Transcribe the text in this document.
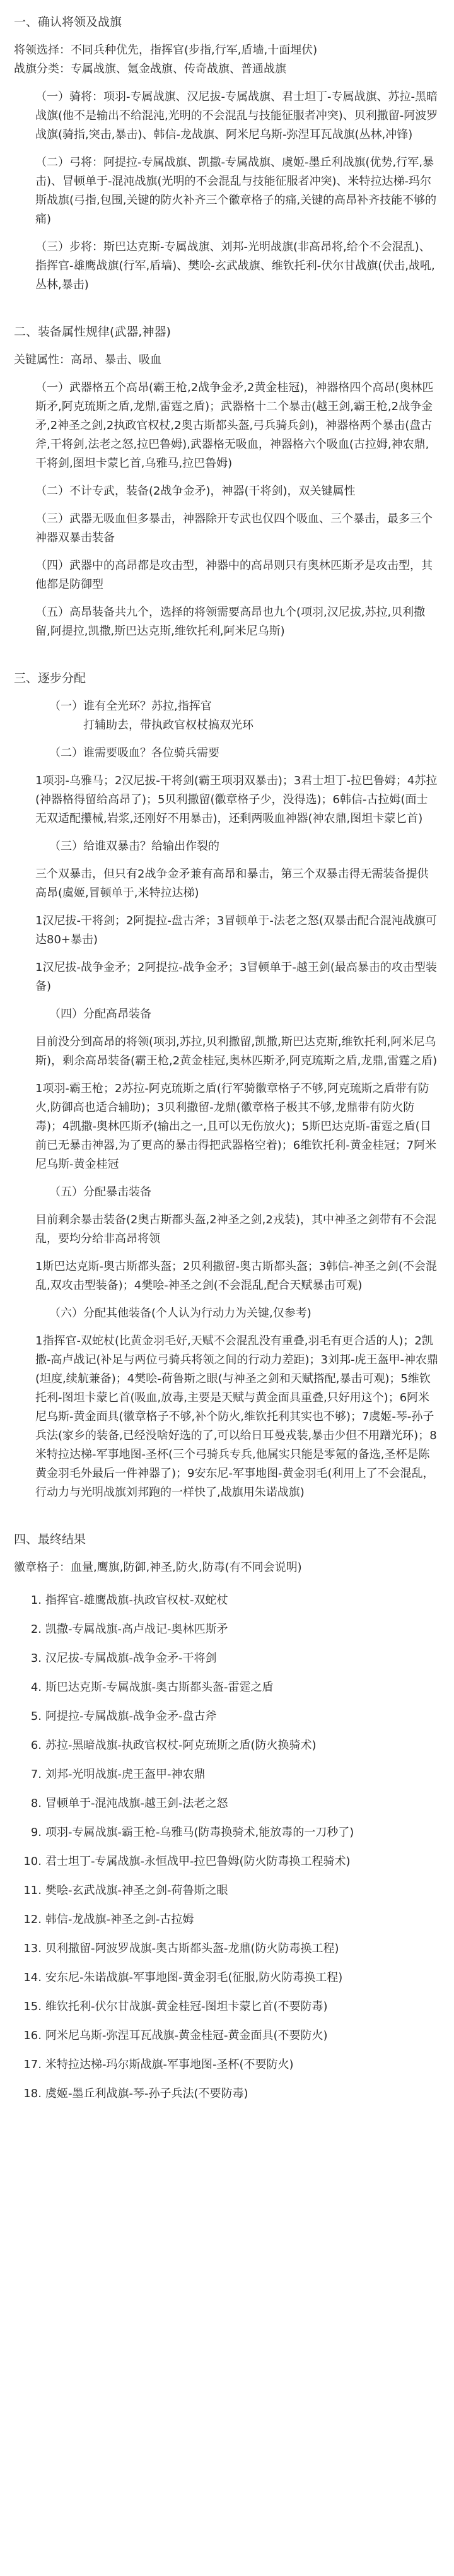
一、确认将领及战旗
将领选择：不同兵种优先，指挥官(步指,行军,盾墙,十面埋伏)
战旗分类：专属战旗、氪金战旗、传奇战旗、普通战旗
（一）骑将：项羽-专属战旗、汉尼拔-专属战旗、君士坦丁-专属战旗、苏拉-黑暗战旗(他不是输出不给混沌,光明的不会混乱与技能征服者冲突)、贝利撒留-阿波罗战旗(骑指,突击,暴击)、韩信-龙战旗、阿米尼乌斯-弥涅耳瓦战旗(丛林,冲锋)
（二）弓将：阿提拉-专属战旗、凯撒-专属战旗、虞姬-墨丘利战旗(优势,行军,暴击)、冒顿单于-混沌战旗(光明的不会混乱与技能征服者冲突)、米特拉达梯-玛尔斯战旗(弓指,包围,关键的防火补齐三个徽章格子的痛,关键的高昂补齐技能不够的痛)
（三）步将：斯巴达克斯-专属战旗、刘邦-光明战旗(非高昂将,给个不会混乱)、指挥官-雄鹰战旗(行军,盾墙)、樊哙-玄武战旗、维钦托利-伏尔甘战旗(伏击,战吼,丛林,暴击)
二、装备属性规律(武器,神器)
关键属性：高昂、暴击、吸血
（一）武器格五个高昂(霸王枪,2战争金矛,2黄金桂冠)，神器格四个高昂(奥林匹斯矛,阿克琉斯之盾,龙鼎,雷霆之盾)；武器格十二个暴击(越王剑,霸王枪,2战争金矛,2神圣之剑,2执政官权杖,2奥古斯都头盔,弓兵骑兵剑)，神器格两个暴击(盘古斧,干将剑,法老之怒,拉巴鲁姆),武器格无吸血，神器格六个吸血(古拉姆,神农鼎,干将剑,图坦卡蒙匕首,乌雅马,拉巴鲁姆)
（二）不计专武，装备(2战争金矛)，神器(干将剑)，双关键属性
（三）武器无吸血但多暴击，神器除开专武也仅四个吸血、三个暴击，最多三个神器双暴击装备
（四）武器中的高昂都是攻击型，神器中的高昂则只有奥林匹斯矛是攻击型，其他都是防御型
（五）高昂装备共九个，选择的将领需要高昂也九个(项羽,汉尼拔,苏拉,贝利撒留,阿提拉,凯撒,斯巴达克斯,维钦托利,阿米尼乌斯)
三、逐步分配
（一）谁有全光环？苏拉,指挥官
打辅助去，带执政官权杖搞双光环
（二）谁需要吸血？各位骑兵需要
1项羽-乌雅马；2汉尼拔-干将剑(霸王项羽双暴击)；3君士坦丁-拉巴鲁姆；4苏拉(神器格得留给高昂了)；5贝利撒留(徽章格子少，没得选)；6韩信-古拉姆(面士无双适配攥械,岩浆,还刚好不用暴击)，还剩两吸血神器(神农鼎,图坦卡蒙匕首)
（三）给谁双暴击？给输出作裂的
三个双暴击，但只有2战争金矛兼有高昂和暴击，第三个双暴击得无需装备提供高昂(虞姬,冒顿单于,米特拉达梯)
1汉尼拔-干将剑；2阿提拉-盘古斧；3冒顿单于-法老之怒(双暴击配合混沌战旗可达80+暴击)
1汉尼拔-战争金矛；2阿提拉-战争金矛；3冒顿单于-越王剑(最高暴击的攻击型装备)
（四）分配高昂装备
目前没分到高昂的将领(项羽,苏拉,贝利撒留,凯撒,斯巴达克斯,维钦托利,阿米尼乌斯)，剩余高昂装备(霸王枪,2黄金桂冠,奥林匹斯矛,阿克琉斯之盾,龙鼎,雷霆之盾)
1项羽-霸王枪；2苏拉-阿克琉斯之盾(行军骑徽章格子不够,阿克琉斯之盾带有防火,防御高也适合辅助)；3贝利撒留-龙鼎(徽章格子极其不够,龙鼎带有防火防毒)；4凯撒-奥林匹斯矛(输出之一,且可以无伤放火)；5斯巴达克斯-雷霆之盾(目前已无暴击神器,为了更高的暴击得把武器格空着)；6维钦托利-黄金桂冠；7阿米尼乌斯-黄金桂冠
（五）分配暴击装备
目前剩余暴击装备(2奥古斯都头盔,2神圣之剑,2戎装)，其中神圣之剑带有不会混乱，要均分给非高昂将领
1斯巴达克斯-奥古斯都头盔；2贝利撒留-奥古斯都头盔；3韩信-神圣之剑(不会混乱,双攻击型装备)；4樊哙-神圣之剑(不会混乱,配合天赋暴击可观)
（六）分配其他装备(个人认为行动力为关键,仅参考)
1指挥官-双蛇杖(比黄金羽毛好,天赋不会混乱没有重叠,羽毛有更合适的人)；2凯撒-高卢战记(补足与两位弓骑兵将领之间的行动力差距)；3刘邦-虎王盔甲-神农鼎(坦度,续航兼备)；4樊哙-荷鲁斯之眼(与神圣之剑和天赋搭配,暴击可观)；5维钦托利-图坦卡蒙匕首(吸血,放毒,主要是天赋与黄金面具重叠,只好用这个)；6阿米尼乌斯-黄金面具(徽章格子不够,补个防火,维钦托利其实也不够)；7虞姬-琴-孙子兵法(家乡的装备,已经没啥好选的了,可以给日耳曼戎装,暴击少但不用蹭光环)；8米特拉达梯-军事地图-圣杯(三个弓骑兵专兵,他属实只能是零氪的备选,圣杯是陈黄金羽毛外最后一件神器了)；9安东尼-军事地图-黄金羽毛(利用上了不会混乱，行动力与光明战旗刘邦跑的一样快了,战旗用朱诺战旗)
四、最终结果
徽章格子：血量,鹰旗,防御,神圣,防火,防毒(有不同会说明)
1. 指挥官-雄鹰战旗-执政官权杖-双蛇杖
2. 凯撒-专属战旗-高卢战记-奥林匹斯矛
3. 汉尼拔-专属战旗-战争金矛-干将剑
4. 斯巴达克斯-专属战旗-奥古斯都头盔-雷霆之盾
5. 阿提拉-专属战旗-战争金矛-盘古斧
6. 苏拉-黑暗战旗-执政官权杖-阿克琉斯之盾(防火换骑术)
7. 刘邦-光明战旗-虎王盔甲-神农鼎
8. 冒顿单于-混沌战旗-越王剑-法老之怒
9. 项羽-专属战旗-霸王枪-乌雅马(防毒换骑术,能放毒的一刀秒了)
10. 君士坦丁-专属战旗-永恒战甲-拉巴鲁姆(防火防毒换工程骑术)
11. 樊哙-玄武战旗-神圣之剑-荷鲁斯之眼
12. 韩信-龙战旗-神圣之剑-古拉姆
13. 贝利撒留-阿波罗战旗-奥古斯都头盔-龙鼎(防火防毒换工程)
14. 安东尼-朱诺战旗-军事地图-黄金羽毛(征服,防火防毒换工程)
15. 维钦托利-伏尔甘战旗-黄金桂冠-图坦卡蒙匕首(不要防毒)
16. 阿米尼乌斯-弥涅耳瓦战旗-黄金桂冠-黄金面具(不要防火)
17. 米特拉达梯-玛尔斯战旗-军事地图-圣杯(不要防火)
18. 虞姬-墨丘利战旗-琴-孙子兵法(不要防毒)
